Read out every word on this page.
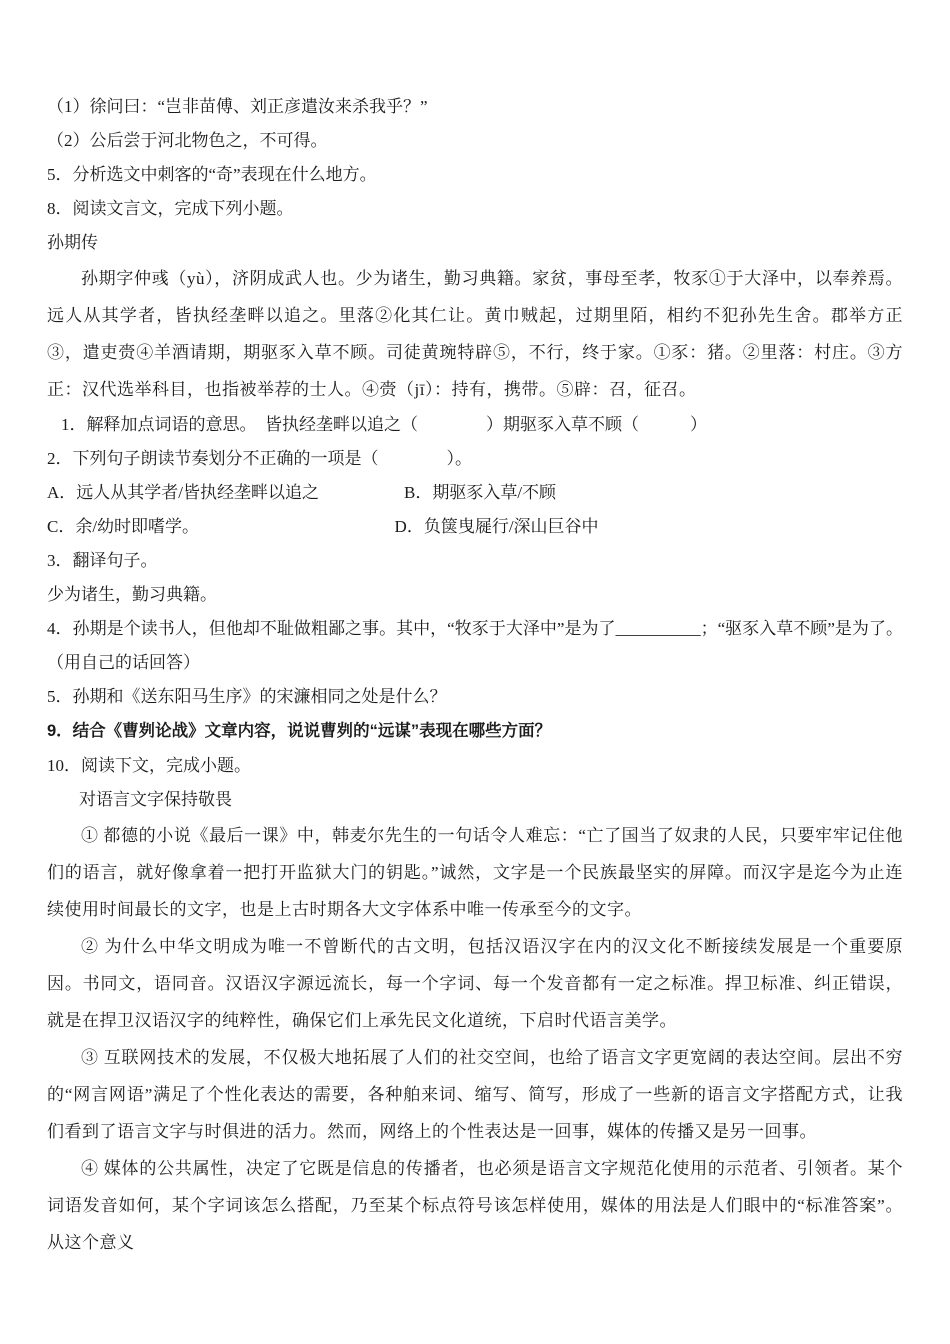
（1）徐问曰：“岂非苗傅、刘正彦遣汝来杀我乎？”
（2）公后尝于河北物色之，不可得。
5．分析选文中刺客的“奇”表现在什么地方。
8．阅读文言文，完成下列小题。
孙期传
孙期字仲彧（yù），济阴成武人也。少为诸生，勤习典籍。家贫，事母至孝，牧豕①于大泽中，以奉养焉。远人从其学者，皆执经垄畔以追之。里落②化其仁让。黄巾贼起，过期里陌，相约不犯孙先生舍。郡举方正③，遣吏赍④羊酒请期，期驱豕入草不顾。司徒黄琬特辟⑤，不行，终于家。①豕：猪。②里落：村庄。③方正：汉代选举科目，也指被举荐的士人。④赍（jī）：持有，携带。⑤辟：召，征召。
1．解释加点词语的意思。　皆执经垄畔以追之（　　　　）期驱豕入草不顾（　　　）
2．下列句子朗读节奏划分不正确的一项是（　　　　）。
A．远人从其学者/皆执经垄畔以追之　　　　　B．期驱豕入草/不顾
C．余/幼时即嗜学。　　　　　　　　　　　　D．负箧曳屣行/深山巨谷中
3．翻译句子。
少为诸生，勤习典籍。
4．孙期是个读书人，但他却不耻做粗鄙之事。其中，“牧豕于大泽中”是为了__________；“驱豕入草不顾”是为了。（用自己的话回答）
5．孙期和《送东阳马生序》的宋濂相同之处是什么？
9．结合《曹刿论战》文章内容，说说曹刿的“远谋”表现在哪些方面？
10．阅读下文，完成小题。
对语言文字保持敬畏
① 都德的小说《最后一课》中，韩麦尔先生的一句话令人难忘：“亡了国当了奴隶的人民，只要牢牢记住他们的语言，就好像拿着一把打开监狱大门的钥匙。”诚然，文字是一个民族最坚实的屏障。而汉字是迄今为止连续使用时间最长的文字，也是上古时期各大文字体系中唯一传承至今的文字。
② 为什么中华文明成为唯一不曾断代的古文明，包括汉语汉字在内的汉文化不断接续发展是一个重要原因。书同文，语同音。汉语汉字源远流长，每一个字词、每一个发音都有一定之标准。捍卫标准、纠正错误，就是在捍卫汉语汉字的纯粹性，确保它们上承先民文化道统，下启时代语言美学。
③ 互联网技术的发展，不仅极大地拓展了人们的社交空间，也给了语言文字更宽阔的表达空间。层出不穷的“网言网语”满足了个性化表达的需要，各种舶来词、缩写、简写，形成了一些新的语言文字搭配方式，让我们看到了语言文字与时俱进的活力。然而，网络上的个性表达是一回事，媒体的传播又是另一回事。
④ 媒体的公共属性，决定了它既是信息的传播者，也必须是语言文字规范化使用的示范者、引领者。某个词语发音如何，某个字词该怎么搭配，乃至某个标点符号该怎样使用，媒体的用法是人们眼中的“标准答案”。从这个意义
